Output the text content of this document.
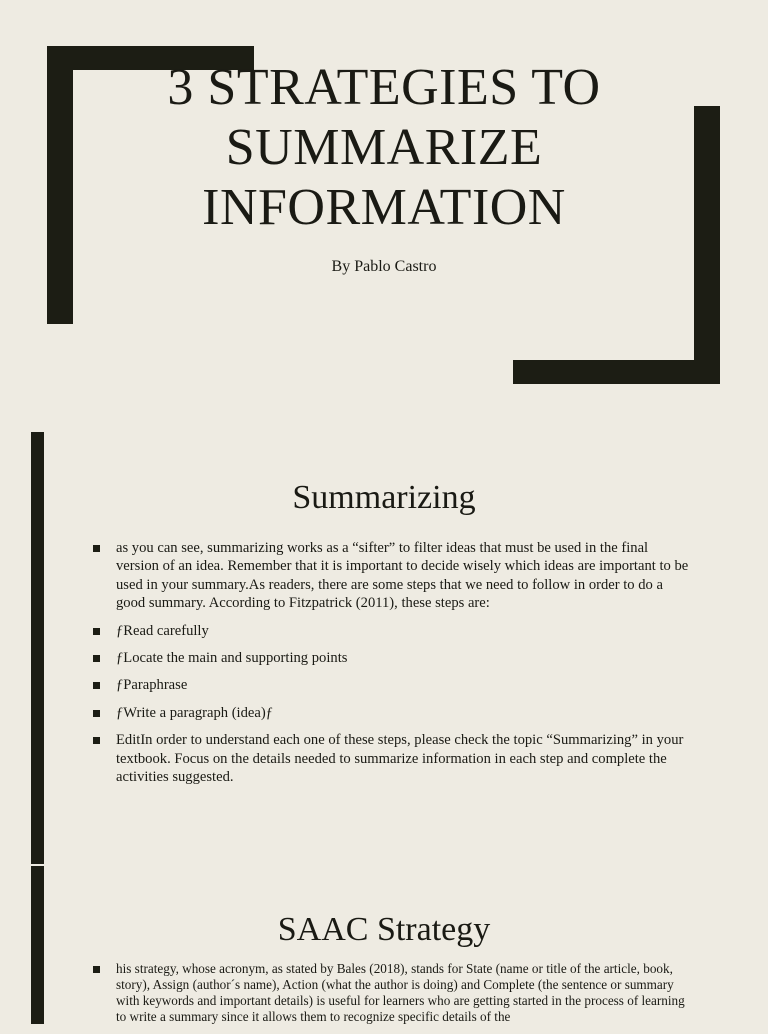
3 STRATEGIES TO
SUMMARIZE
INFORMATION
By Pablo Castro
Summarizing
as you can see, summarizing works as a “sifter” to filter ideas that must be used in the final version of an idea. Remember that it is important to decide wisely which ideas are important to be used in your summary.As readers, there are some steps that we need to follow in order to do a good summary. According to Fitzpatrick (2011), these steps are:
ƒRead carefully
ƒLocate the main and supporting points
ƒParaphrase
ƒWrite a paragraph (idea)ƒ
EditIn order to understand each one of these steps, please check the topic “Summarizing” in your textbook. Focus on the details needed to summarize information in each step and complete the activities suggested.
SAAC Strategy
his strategy, whose acronym, as stated by Bales (2018), stands for State (name or title of the article, book, story), Assign (author´s name), Action (what the author is doing) and Complete (the sentence or summary with keywords and important details) is useful for learners who are getting started in the process of learning to write a summary since it allows them to recognize specific details of the
